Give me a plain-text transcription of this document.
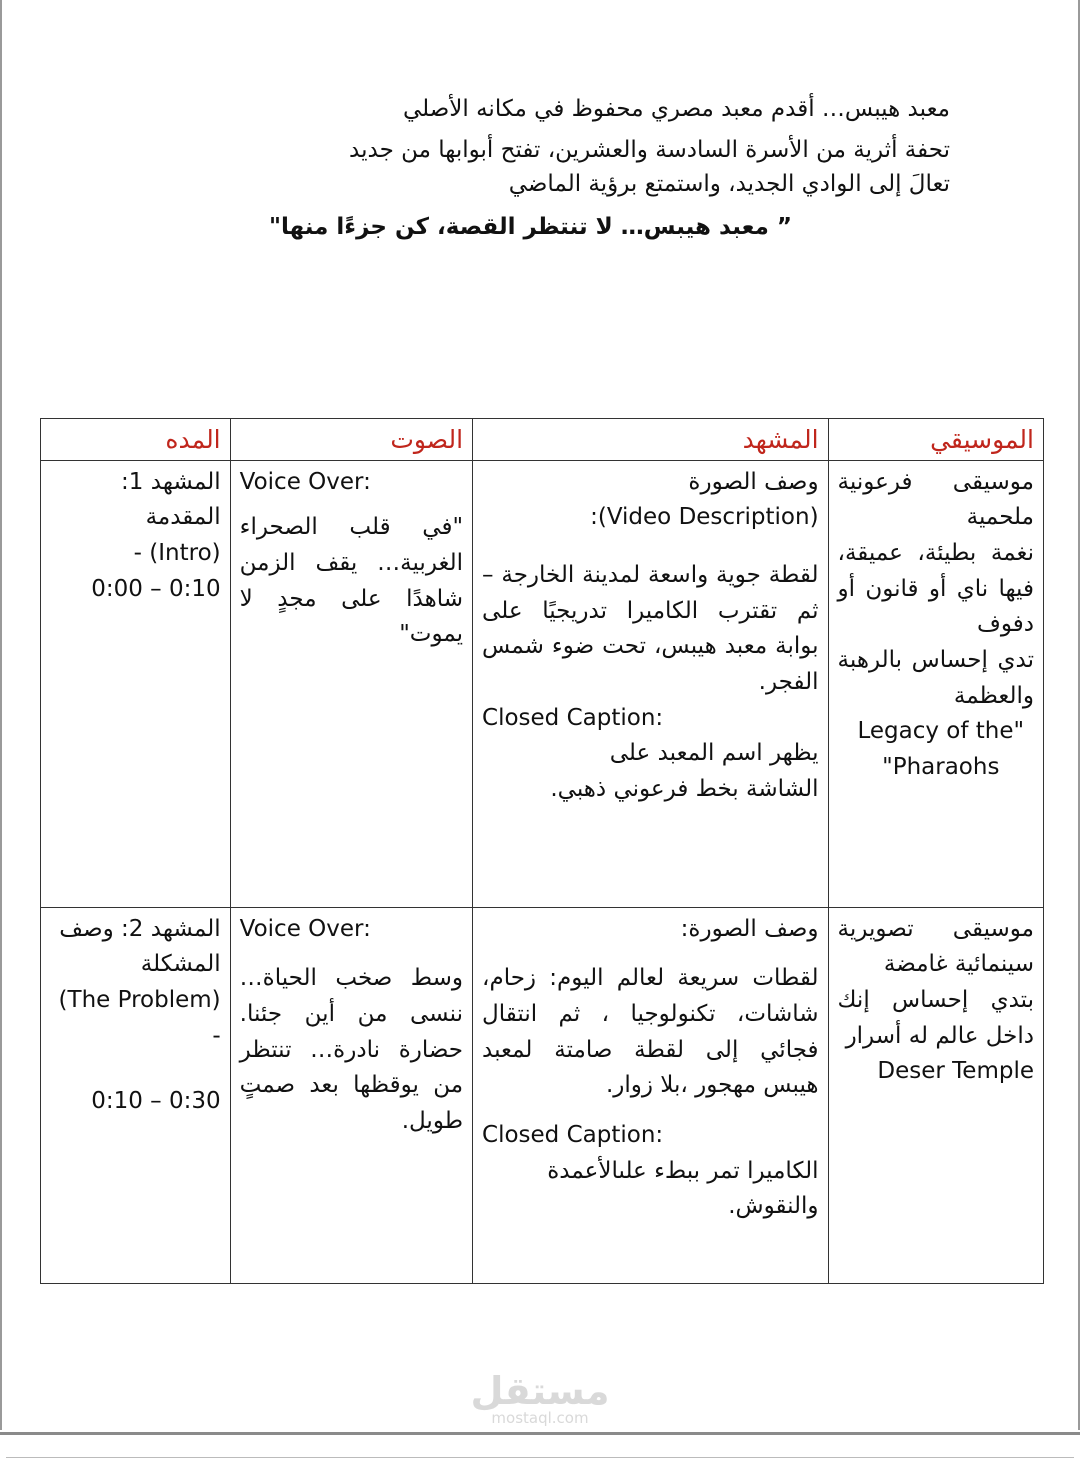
معبد هيبس… أقدم معبد مصري محفوظ في مكانه الأصلي

تحفة أثرية من الأسرة السادسة والعشرين، تفتح أبوابها من جديد

تعالَ إلى الوادي الجديد، واستمتع برؤية الماضي

” معبد هيبس… لا تنتظر القصة، كن جزءًا منها"

الموسيقي	المشهد	الصوت	المده

موسيقى فرعونية ملحمية
نغمة بطيئة، عميقة، فيها ناي أو قانون أو دفوف
تدي إحساس بالرهبة والعظمة
"Legacy of the Pharaohs"	وصف الصورة
(Video Description):
لقطة جوية واسعة لمدينة الخارجة – ثم تقترب الكاميرا تدريجيًا على بوابة معبد هيبس، تحت ضوء شمس الفجر.
Closed Caption:
يظهر اسم المعبد على الشاشة بخط فرعوني ذهبي.	Voice Over:
"في قلب الصحراء الغربية… يقف الزمن شاهدًا على مجدٍ لا يموت"	المشهد 1: المقدمة
(Intro) -
0:10 – 0:00

موسيقى تصويرية سينمائية غامضة
بتدي إحساس إنك داخل عالم له أسرار
Deser Temple	وصف الصورة:
لقطات سريعة لعالم اليوم: زحام، شاشات، تكنولوجيا ، ثم انتقال فجائي إلى لقطة صامتة لمعبد هيبس مهجور ،بلا زوار.
Closed Caption:
الكاميرا تمر ببطء علىالأعمدة والنقوش.	Voice Over:
وسط صخب الحياة… ننسى من أين جئنا. حضارة نادرة… تنتظر من يوقظها بعد صمتٍ طويل.	المشهد 2: وصف المشكلة
(The Problem) -
0:30 – 0:10
مستقل
mostaql.com
